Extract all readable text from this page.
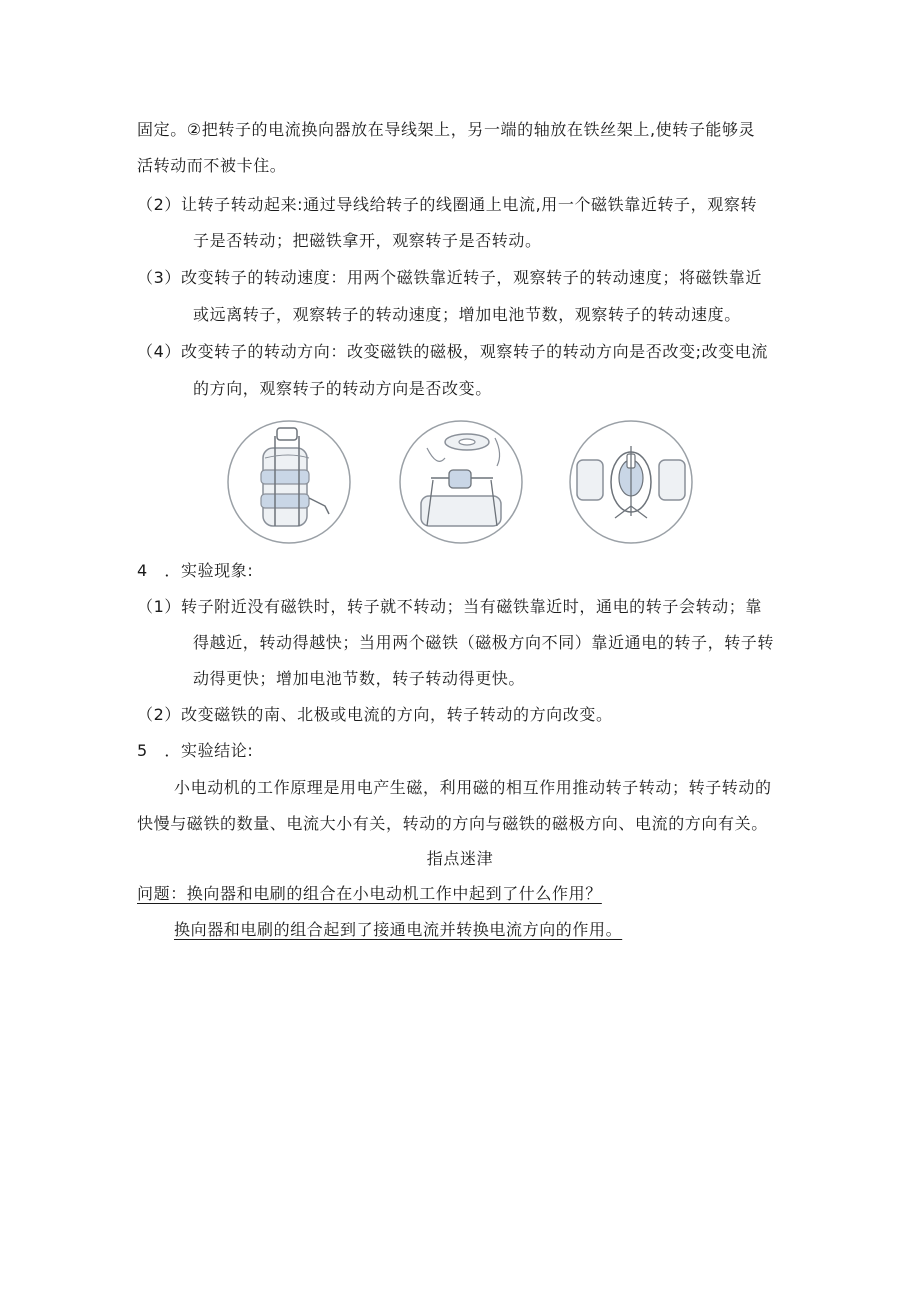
固定。②把转子的电流换向器放在导线架上，另一端的轴放在铁丝架上,使转子能够灵
活转动而不被卡住。
（2）让转子转动起来:通过导线给转子的线圈通上电流,用一个磁铁靠近转子，观察转
子是否转动；把磁铁拿开，观察转子是否转动。
（3）改变转子的转动速度：用两个磁铁靠近转子，观察转子的转动速度；将磁铁靠近
或远离转子，观察转子的转动速度；增加电池节数，观察转子的转动速度。
（4）改变转子的转动方向：改变磁铁的磁极，观察转子的转动方向是否改变;改变电流
的方向，观察转子的转动方向是否改变。
4　．实验现象:
（1）转子附近没有磁铁时，转子就不转动；当有磁铁靠近时，通电的转子会转动；靠
得越近，转动得越快；当用两个磁铁（磁极方向不同）靠近通电的转子，转子转
动得更快；增加电池节数，转子转动得更快。
（2）改变磁铁的南、北极或电流的方向，转子转动的方向改变。
5　．实验结论:
小电动机的工作原理是用电产生磁，利用磁的相互作用推动转子转动；转子转动的
快慢与磁铁的数量、电流大小有关，转动的方向与磁铁的磁极方向、电流的方向有关。
指点迷津
问题：换向器和电刷的组合在小电动机工作中起到了什么作用？
换向器和电刷的组合起到了接通电流并转换电流方向的作用。
